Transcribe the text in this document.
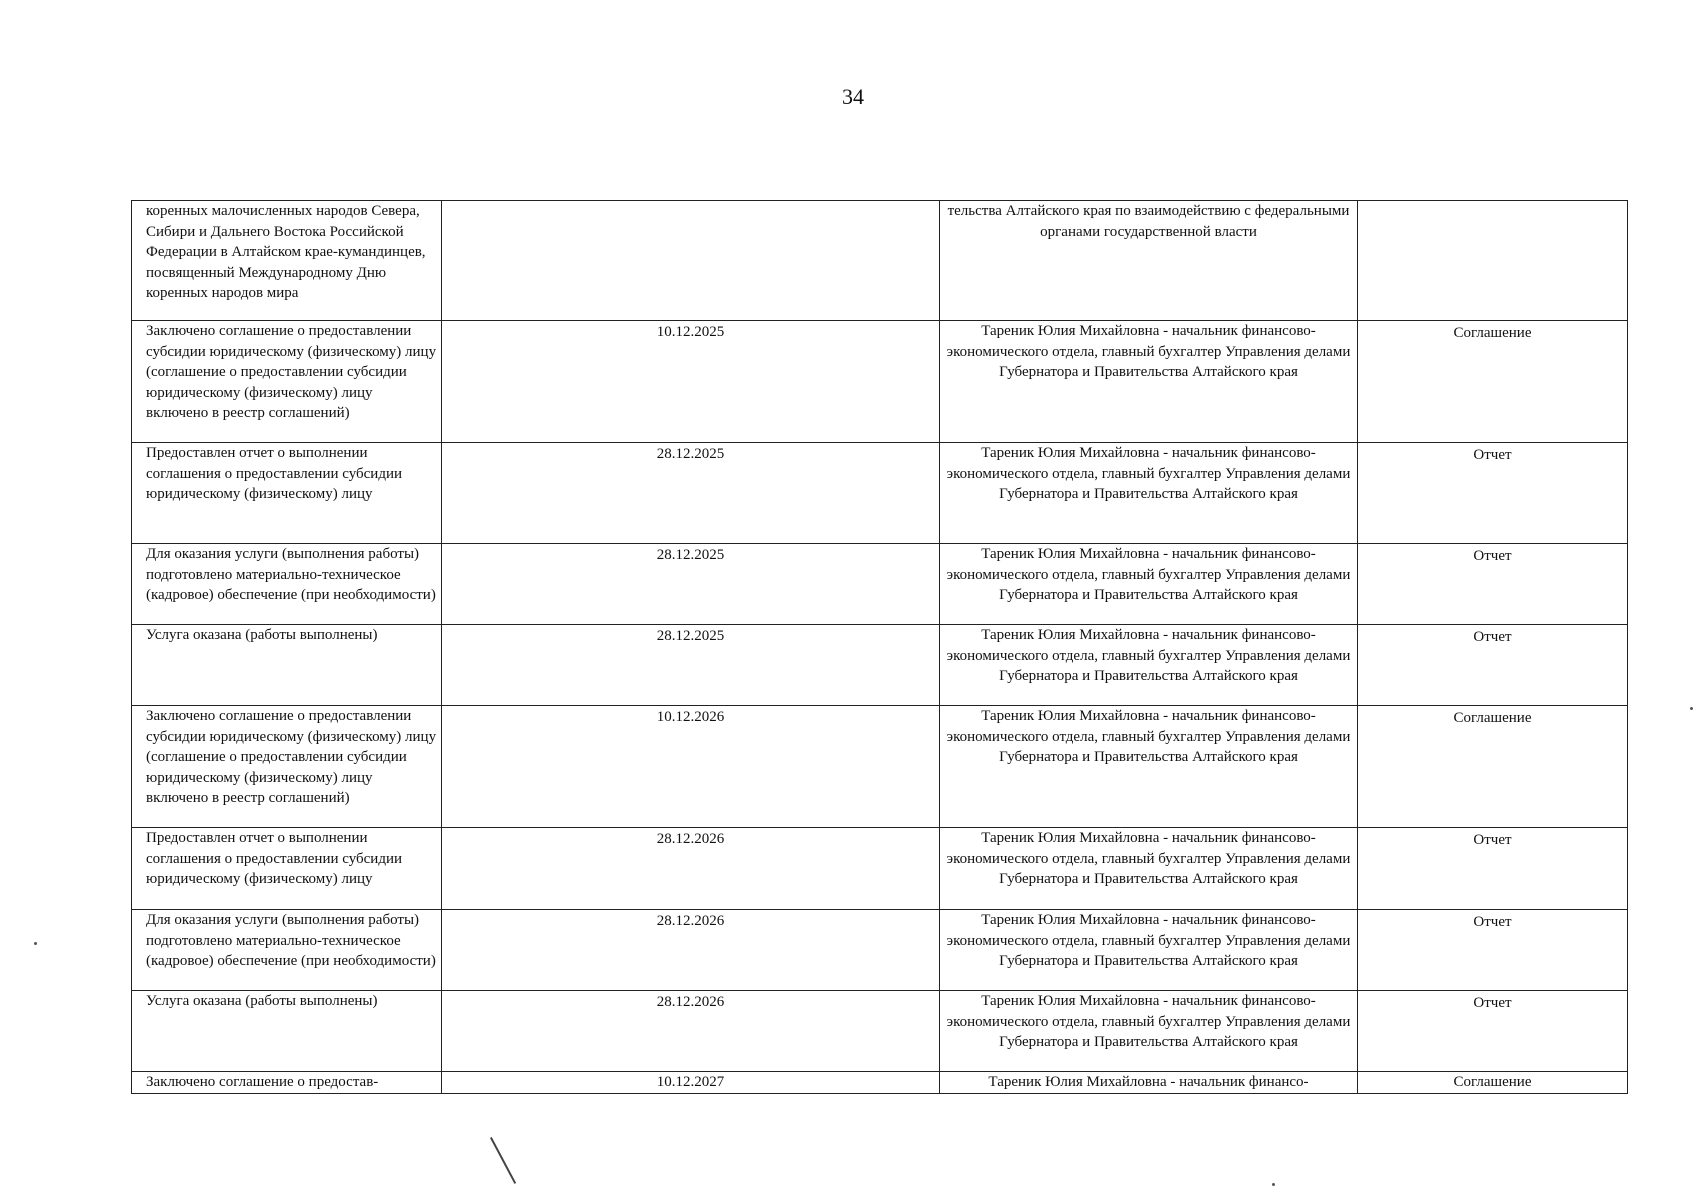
34
коренных малочисленных народов Севера, Сибири и Дальнего Востока Российской Федерации в Алтайском крае-кумандинцев, посвященный Международному Дню коренных народов мира		тельства Алтайского края по взаимодействию с федеральными органами государственной власти	
Заключено соглашение о предоставлении субсидии юридическому (физическому) лицу (соглашение о предоставлении субсидии юридическому (физическому) лицу включено в реестр соглашений)	10.12.2025	Тареник Юлия Михайловна - начальник финансово-экономического отдела, главный бухгалтер Управления делами Губернатора и Правительства Алтайского края	Соглашение
Предоставлен отчет о выполнении соглашения о предоставлении субсидии юридическому (физическому) лицу	28.12.2025	Тареник Юлия Михайловна - начальник финансово-экономического отдела, главный бухгалтер Управления делами Губернатора и Правительства Алтайского края	Отчет
Для оказания услуги (выполнения работы) подготовлено материально-техническое (кадровое) обеспечение (при необходимости)	28.12.2025	Тареник Юлия Михайловна - начальник финансово-экономического отдела, главный бухгалтер Управления делами Губернатора и Правительства Алтайского края	Отчет
Услуга оказана (работы выполнены)	28.12.2025	Тареник Юлия Михайловна - начальник финансово-экономического отдела, главный бухгалтер Управления делами Губернатора и Правительства Алтайского края	Отчет
Заключено соглашение о предоставлении субсидии юридическому (физическому) лицу (соглашение о предоставлении субсидии юридическому (физическому) лицу включено в реестр соглашений)	10.12.2026	Тареник Юлия Михайловна - начальник финансово-экономического отдела, главный бухгалтер Управления делами Губернатора и Правительства Алтайского края	Соглашение
Предоставлен отчет о выполнении соглашения о предоставлении субсидии юридическому (физическому) лицу	28.12.2026	Тареник Юлия Михайловна - начальник финансово-экономического отдела, главный бухгалтер Управления делами Губернатора и Правительства Алтайского края	Отчет
Для оказания услуги (выполнения работы) подготовлено материально-техническое (кадровое) обеспечение (при необходимости)	28.12.2026	Тареник Юлия Михайловна - начальник финансово-экономического отдела, главный бухгалтер Управления делами Губернатора и Правительства Алтайского края	Отчет
Услуга оказана (работы выполнены)	28.12.2026	Тареник Юлия Михайловна - начальник финансово-экономического отдела, главный бухгалтер Управления делами Губернатора и Правительства Алтайского края	Отчет
Заключено соглашение о предостав-	10.12.2027	Тареник Юлия Михайловна - начальник финансо-	Соглашение
